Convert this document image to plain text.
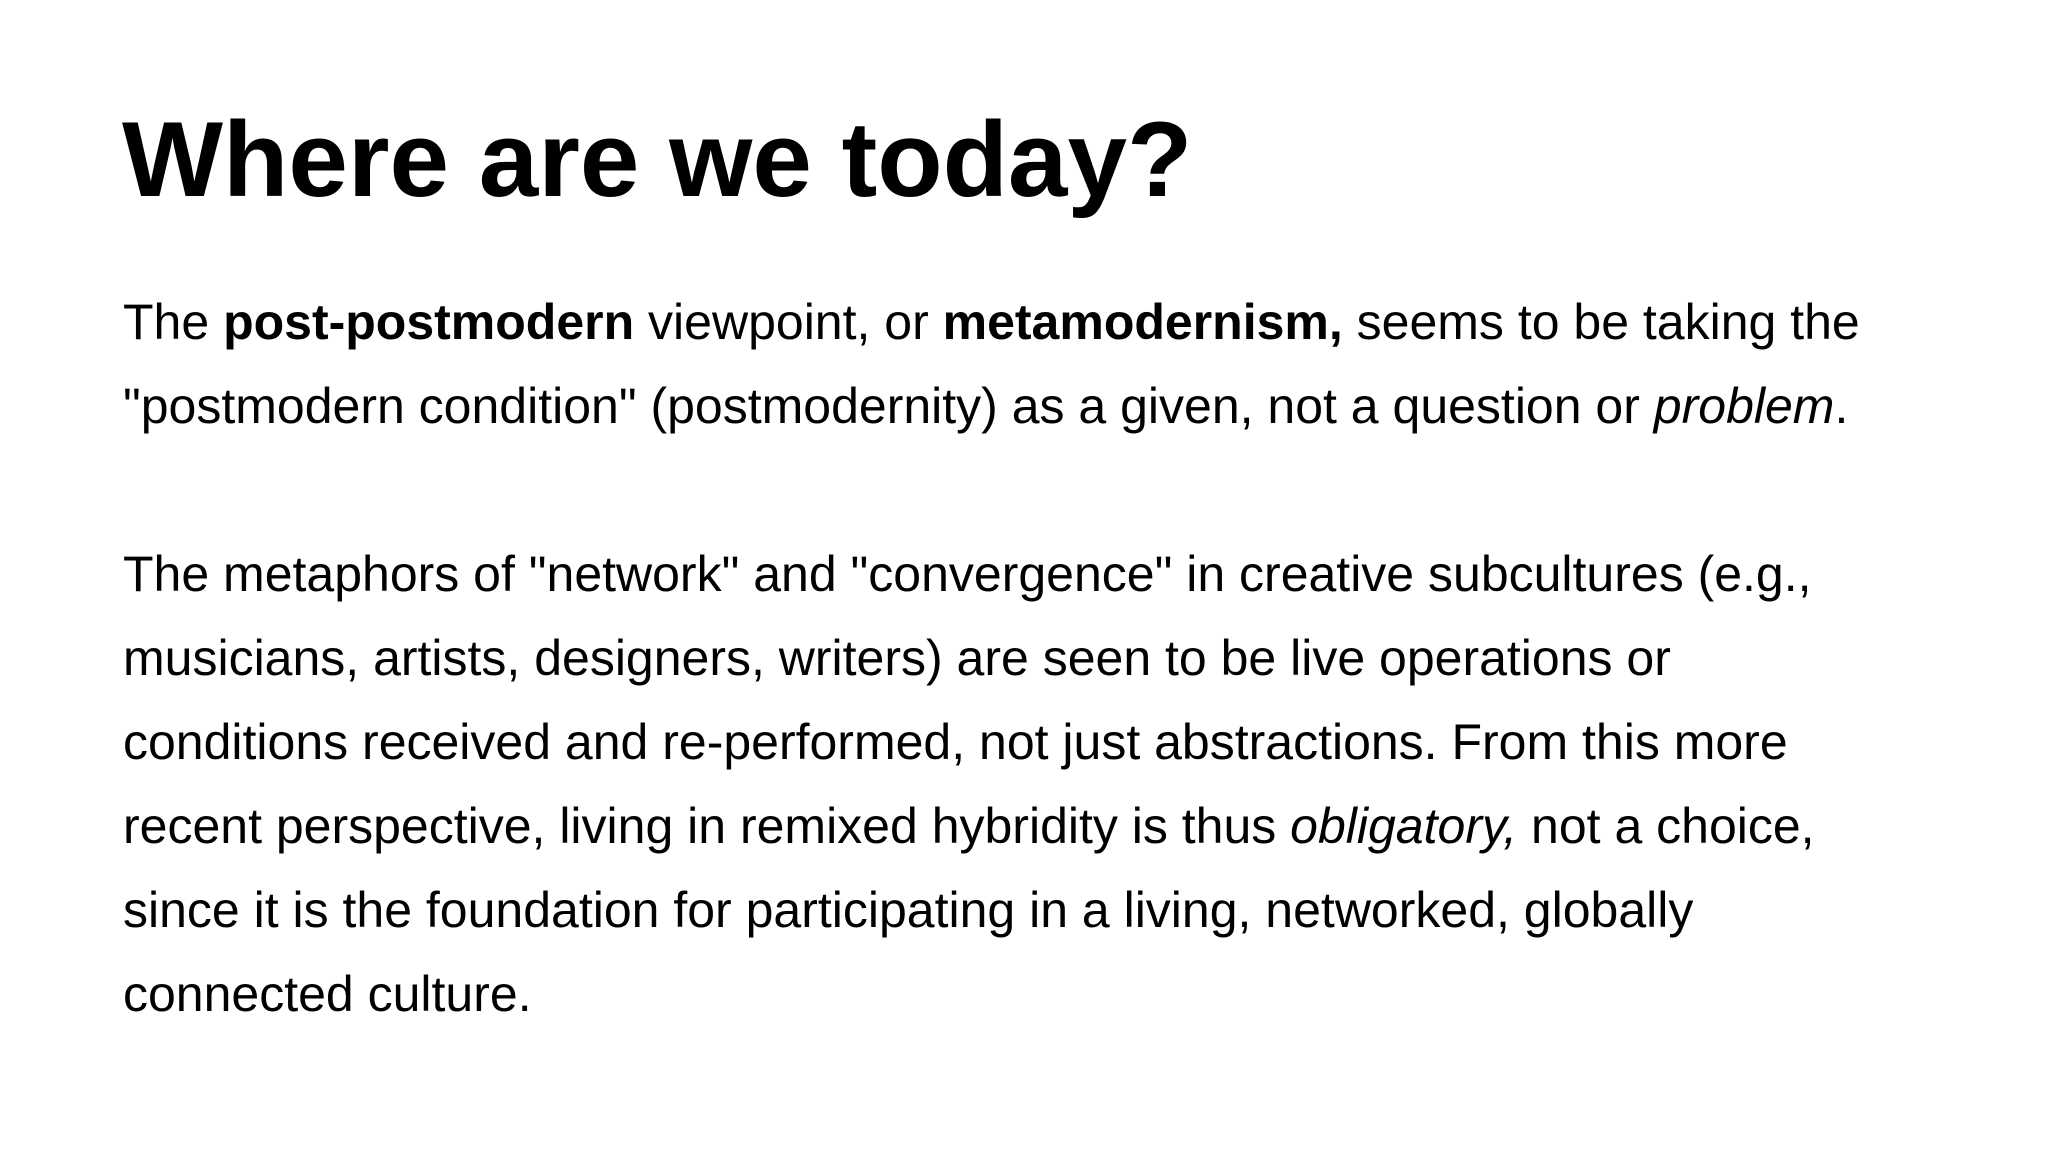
Where are we today?

The post-postmodern viewpoint, or metamodernism, seems to be taking the
"postmodern condition" (postmodernity) as a given, not a question or problem.

The metaphors of "network" and "convergence" in creative subcultures (e.g.,
musicians, artists, designers, writers) are seen to be live operations or
conditions received and re-performed, not just abstractions. From this more
recent perspective, living in remixed hybridity is thus obligatory, not a choice,
since it is the foundation for participating in a living, networked, globally
connected culture.
